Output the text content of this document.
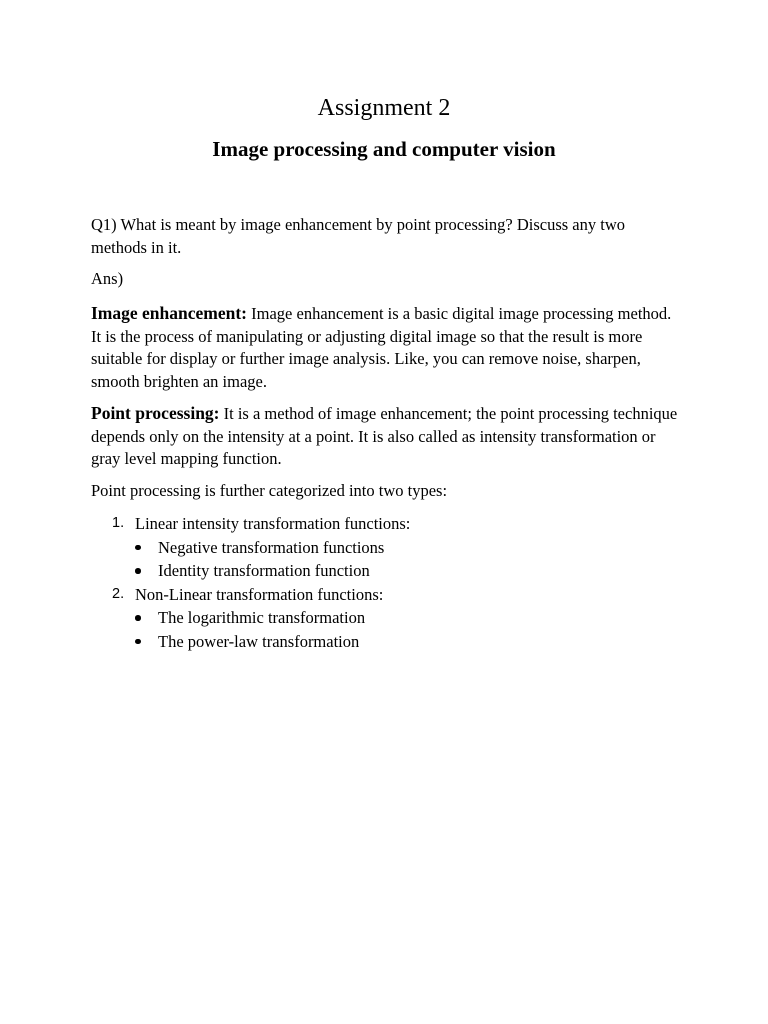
Assignment 2
Image processing and computer vision

Q1) What is meant by image enhancement by point processing? Discuss any two methods in it.

Ans)

Image enhancement: Image enhancement is a basic digital image processing method. It is the process of manipulating or adjusting digital image so that the result is more suitable for display or further image analysis. Like, you can remove noise, sharpen, smooth brighten an image.

Point processing: It is a method of image enhancement; the point processing technique depends only on the intensity at a point. It is also called as intensity transformation or gray level mapping function.

Point processing is further categorized into two types:

1. Linear intensity transformation functions:
Negative transformation functions
Identity transformation function
2. Non-Linear transformation functions:
The logarithmic transformation
The power-law transformation
